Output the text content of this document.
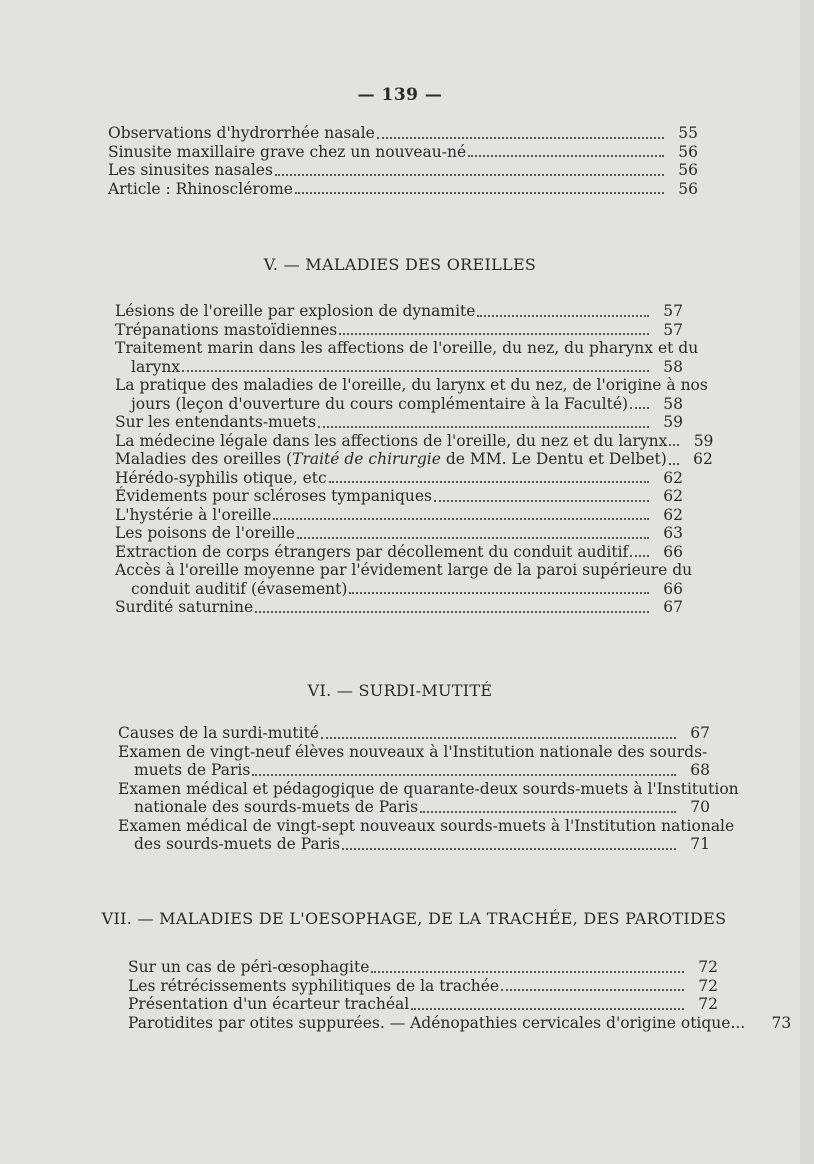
— 139 —
Observations d'hydrorrhée nasale	55
Sinusite maxillaire grave chez un nouveau-né	56
Les sinusites nasales	56
Article : Rhinosclérome	56
V. — MALADIES DES OREILLES
Lésions de l'oreille par explosion de dynamite	57
Trépanations mastoïdiennes	57
Traitement marin dans les affections de l'oreille, du nez, du pharynx et du
larynx	58
La pratique des maladies de l'oreille, du larynx et du nez, de l'origine à nos
jours (leçon d'ouverture du cours complémentaire à la Faculté)	58
Sur les entendants-muets	59
La médecine légale dans les affections de l'oreille, du nez et du larynx	59
Maladies des oreilles (Traité de chirurgie de MM. Le Dentu et Delbet)	62
Hérédo-syphilis otique, etc	62
Évidements pour scléroses tympaniques	62
L'hystérie à l'oreille	62
Les poisons de l'oreille	63
Extraction de corps étrangers par décollement du conduit auditif	66
Accès à l'oreille moyenne par l'évidement large de la paroi supérieure du
conduit auditif (évasement)	66
Surdité saturnine	67
VI. — SURDI-MUTITÉ
Causes de la surdi-mutité	67
Examen de vingt-neuf élèves nouveaux à l'Institution nationale des sourds-
muets de Paris	68
Examen médical et pédagogique de quarante-deux sourds-muets à l'Institution
nationale des sourds-muets de Paris	70
Examen médical de vingt-sept nouveaux sourds-muets à l'Institution nationale
des sourds-muets de Paris	71
VII. — MALADIES DE L'OESOPHAGE, DE LA TRACHÉE, DES PAROTIDES
Sur un cas de péri-œsophagite	72
Les rétrécissements syphilitiques de la trachée	72
Présentation d'un écarteur trachéal	72
Parotidites par otites suppurées. — Adénopathies cervicales d'origine otique...	73
